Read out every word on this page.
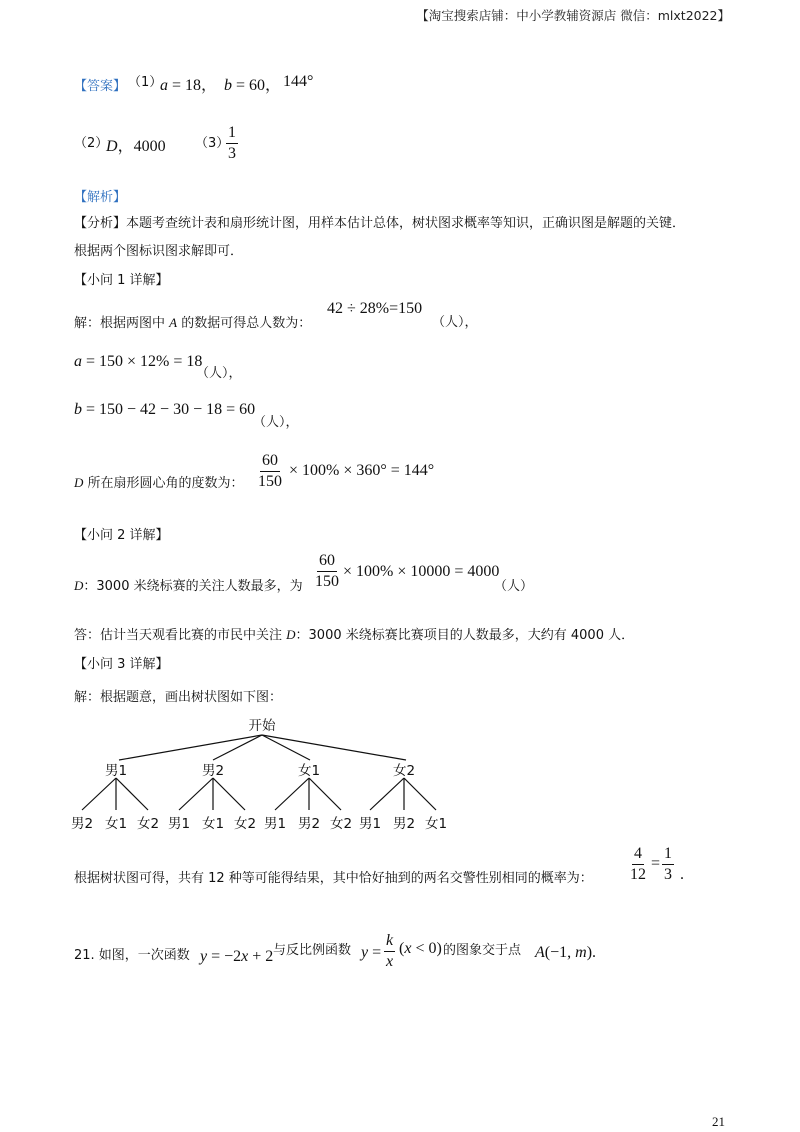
【淘宝搜索店铺：中小学教辅资源店 微信：mlxt2022】
【答案】 （1）
a = 18， b = 60， 144°
（2）
D，4000 （3）
$\frac{1}{3}$
【解析】
【分析】本题考查统计表和扇形统计图，用样本估计总体，树状图求概率等知识，正确识图是解题的关键．
根据两个图标识图求解即可．
【小问 1 详解】
解：根据两图中 A 的数据可得总人数为：
42 ÷ 28%=150
（人），
a = 150 × 12% = 18
（人），
b = 150 − 42 − 30 − 18 = 60
（人），
D 所在扇形圆心角的度数为： $\frac{60}{150} \times 100\% \times 360^\circ = 144^\circ$
【小问 2 详解】
D：3000 米绕标赛的关注人数最多，为 $\frac{60}{150} \times 100\% \times 10000 = 4000$
（人）
答：估计当天观看比赛的市民中关注 D：3000 米绕标赛比赛项目的人数最多，大约有 4000 人．
【小问 3 详解】
解：根据题意，画出树状图如下图：
开始
男1	男2	女1	女2
男2 女1 女2 男1 女1 女2 男1 男2 女2 男1 男2 女1
根据树状图可得，共有 12 种等可能得结果，其中恰好抽到的两名交警性别相同的概率为： $\frac{4}{12} = \frac{1}{3}$ .
21. 如图，一次函数 y = −2x + 2 与反比例函数 $y = \frac{k}{x} (x < 0)$ 的图象交于点 A(−1, m) .
21
